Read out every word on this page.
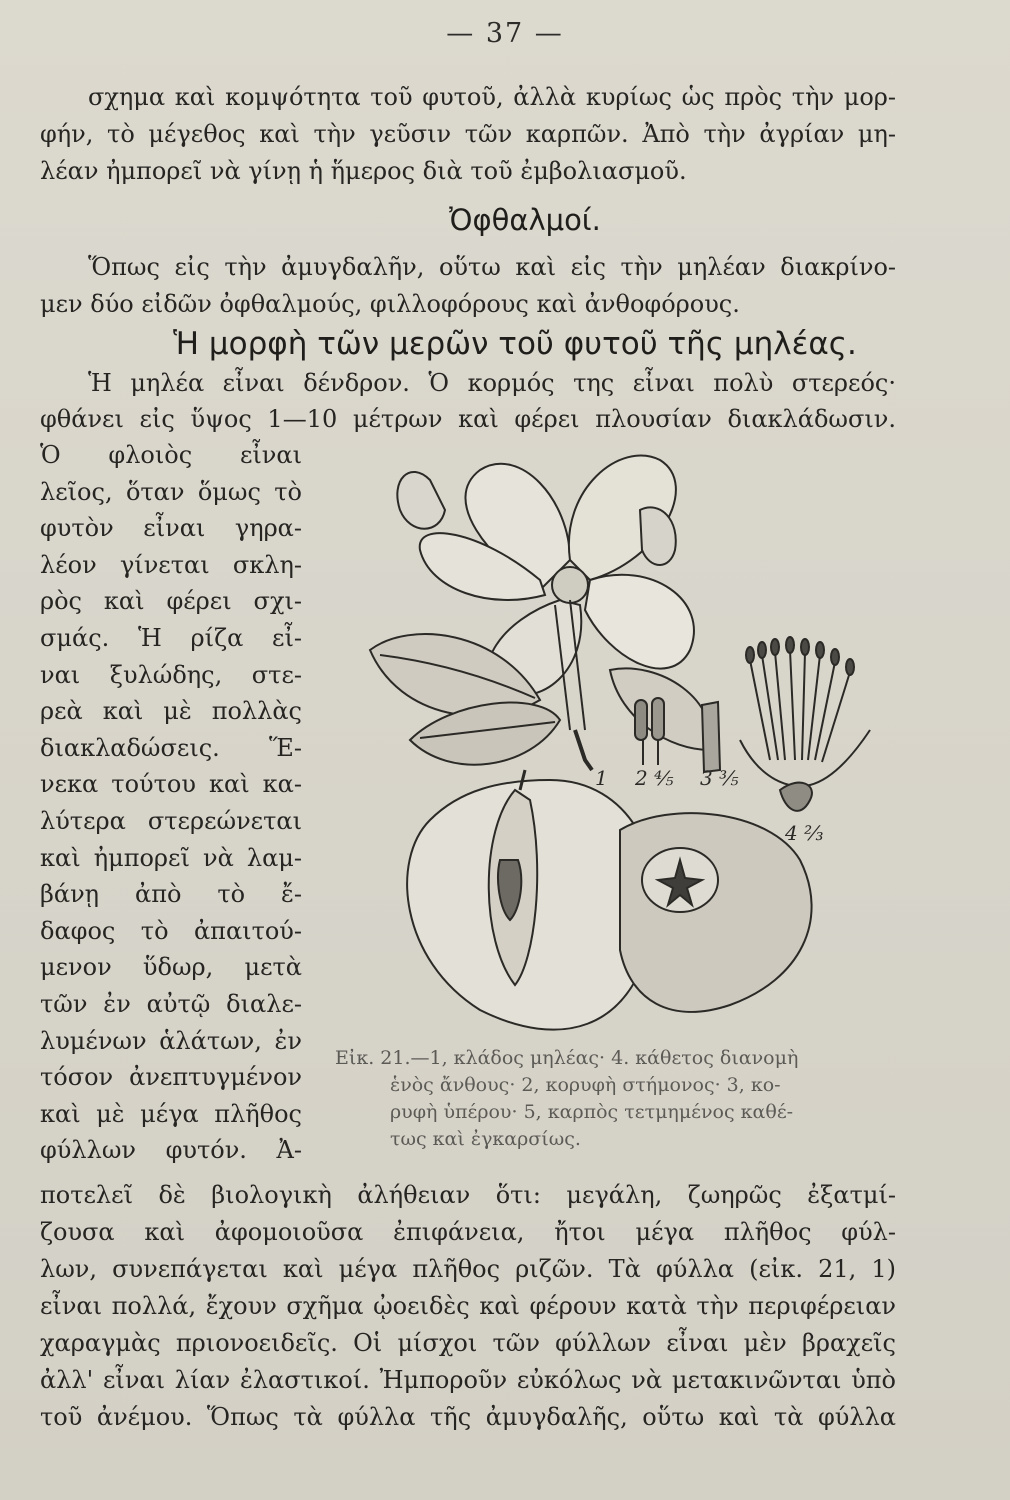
— 37 —
σχημα καὶ κομψότητα τοῦ φυτοῦ, ἀλλὰ κυρίως ὡς πρὸς τὴν μορ-
φήν, τὸ μέγεθος καὶ τὴν γεῦσιν τῶν καρπῶν. Ἀπὸ τὴν ἀγρίαν μη-
λέαν ἠμπορεῖ νὰ γίνῃ ἡ ἥμερος διὰ τοῦ ἐμβολιασμοῦ.
Ὀφθαλμοί.
Ὅπως εἰς τὴν ἀμυγδαλῆν, οὕτω καὶ εἰς τὴν μηλέαν διακρίνο-
μεν δύο εἰδῶν ὀφθαλμούς, φιλλοφόρους καὶ ἀνθοφόρους.
Ἡ μορφὴ τῶν μερῶν τοῦ φυτοῦ τῆς μηλέας.
Ἡ μηλέα εἶναι δένδρον. Ὁ κορμός της εἶναι πολὺ στερεός·
φθάνει εἰς ὕψος 1—10 μέτρων καὶ φέρει πλουσίαν διακλάδωσιν.
Ὁ φλοιὸς εἶναι
λεῖος, ὅταν ὅμως τὸ
φυτὸν εἶναι γηρα-
λέον γίνεται σκλη-
ρὸς καὶ φέρει σχι-
σμάς. Ἡ ρίζα εἶ-
ναι ξυλώδης, στε-
ρεὰ καὶ μὲ πολλὰς
διακλαδώσεις. Ἕ-
νεκα τούτου καὶ κα-
λύτερα στερεώνεται
καὶ ἠμπορεῖ νὰ λαμ-
βάνῃ ἀπὸ τὸ ἔ-
δαφος τὸ ἀπαιτού-
μενον ὕδωρ, μετὰ
τῶν ἐν αὐτῷ διαλε-
λυμένων ἁλάτων, ἐν
τόσον ἀνεπτυγμένον
καὶ μὲ μέγα πλῆθος
φύλλων φυτόν. Ἀ-
1 2 ⅘ 3 ⅗
4 ⅔
Εἰκ. 21.—1, κλάδος μηλέας· 4. κάθετος διανομὴ
ἑνὸς ἄνθους· 2, κορυφὴ στήμονος· 3, κο-
ρυφὴ ὑπέρου· 5, καρπὸς τετμημένος καθέ-
τως καὶ ἐγκαρσίως.
ποτελεῖ δὲ βιολογικὴ ἀλήθειαν ὅτι: μεγάλη, ζωηρῶς ἐξατμί-
ζουσα καὶ ἀφομοιοῦσα ἐπιφάνεια, ἤτοι μέγα πλῆθος φύλ-
λων, συνεπάγεται καὶ μέγα πλῆθος ριζῶν. Τὰ φύλλα (εἰκ. 21, 1)
εἶναι πολλά, ἔχουν σχῆμα ᾠοειδὲς καὶ φέρουν κατὰ τὴν περιφέρειαν
χαραγμὰς πριονοειδεῖς. Οἱ μίσχοι τῶν φύλλων εἶναι μὲν βραχεῖς
ἀλλ' εἶναι λίαν ἐλαστικοί. Ἠμποροῦν εὐκόλως νὰ μετακινῶνται ὑπὸ
τοῦ ἀνέμου. Ὅπως τὰ φύλλα τῆς ἀμυγδαλῆς, οὕτω καὶ τὰ φύλλα
